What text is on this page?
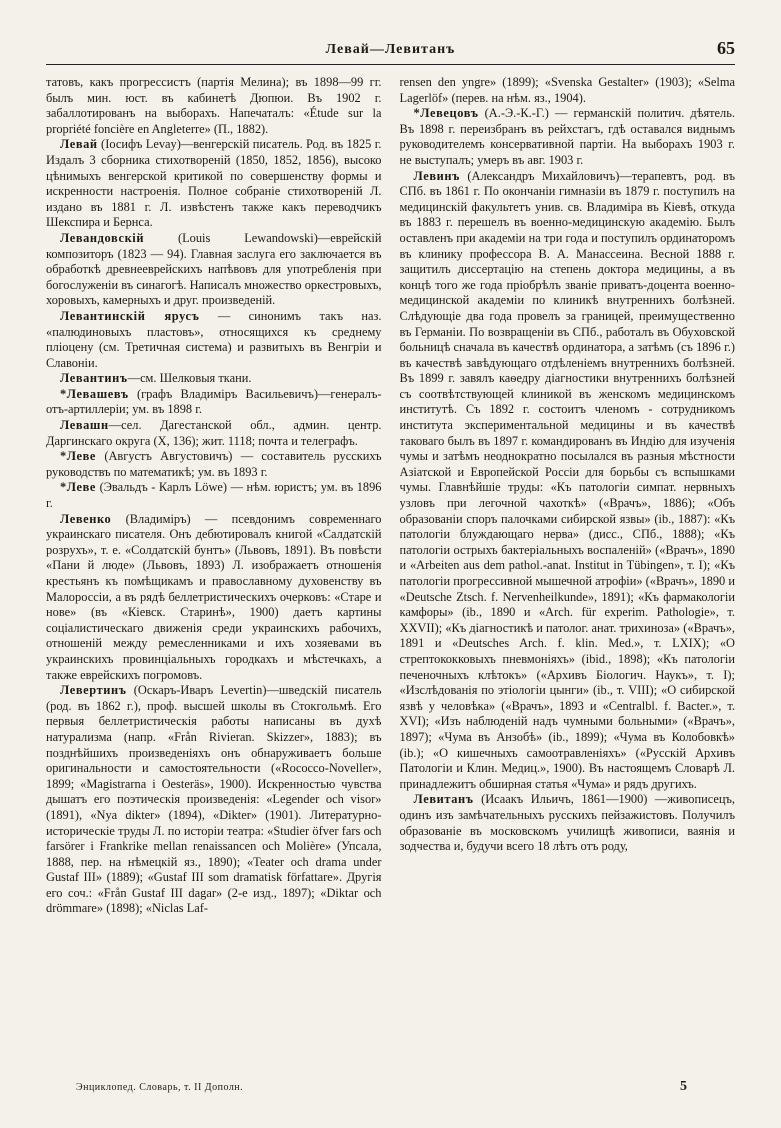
Левай—Левитанъ	65

татовъ, какъ прогрессистъ (партія Мелина); въ 1898—99 гг. былъ мин. юст. въ кабинетѣ Дюпюи. Въ 1902 г. забаллотированъ на выборахъ. Напечаталъ: «Étude sur la propriété foncière en Angleterre» (П., 1882).

Левай (Іосифъ Levay)—венгерскій писатель. Род. въ 1825 г. Издалъ 3 сборника стихотвореній (1850, 1852, 1856), высоко цѣнимыхъ венгерской критикой по совершенству формы и искренности настроенія. Полное собраніе стихотвореній Л. издано въ 1881 г. Л. извѣстенъ также какъ переводчикъ Шекспира и Бернса.

Левандовскій (Louis Lewandowski)—еврейскій композиторъ (1823 — 94). Главная заслуга его заключается въ обработкѣ древнееврейскихъ напѣвовъ для употребленія при богослуженіи въ синагогѣ. Написалъ множество оркестровыхъ, хоровыхъ, камерныхъ и друг. произведеній.

Левантинскій ярусъ — синонимъ такъ наз. «палюдиновыхъ пластовъ», относящихся къ среднему пліоцену (см. Третичная система) и развитыхъ въ Венгріи и Славоніи.

Левантинъ—см. Шелковыя ткани.

*Левашевъ (графъ Владиміръ Васильевичъ)—генералъ-отъ-артиллеріи; ум. въ 1898 г.

Левашн—сел. Дагестанской обл., админ. центр. Даргинскаго округа (X, 136); жит. 1118; почта и телеграфъ.

*Леве (Августъ Августовичъ) — составитель русскихъ руководствъ по математикѣ; ум. въ 1893 г.

*Леве (Эвальдъ - Карлъ Löwe) — нѣм. юристъ; ум. въ 1896 г.

Левенко (Владиміръ) — псевдонимъ современнаго украинскаго писателя. Онъ дебютировалъ книгой «Салдатскій розрухъ», т. е. «Солдатскій бунтъ» (Львовъ, 1891). Въ повѣсти «Пани й люде» (Львовъ, 1893) Л. изображаетъ отношенія крестьянъ къ помѣщикамъ и православному духовенству въ Малороссіи, а въ рядѣ беллетристическихъ очерковъ: «Старе и нове» (въ «Кіевск. Старинѣ», 1900) даетъ картины соціалистическаго движенія среди украинскихъ рабочихъ, отношеній между ремесленниками и ихъ хозяевами въ украинскихъ провинціальныхъ городкахъ и мѣстечкахъ, а также еврейскихъ погромовъ.

Левертинъ (Оскаръ-Иваръ Levertin)—шведскій писатель (род. въ 1862 г.), проф. высшей школы въ Стокгольмѣ. Его первыя беллетристическія работы написаны въ духѣ натурализма (напр. «Från Rivieran. Skizzer», 1883); въ позднѣйшихъ произведеніяхъ онъ обнаруживаетъ больше оригинальности и самостоятельности («Rococco-Noveller», 1899; «Magistrarna i Oesteräs», 1900). Искренностью чувства дышатъ его поэтическія произведенія: «Legender och visor» (1891), «Nya dikter» (1894), «Dikter» (1901). Литературно-историческіе труды Л. по исторіи театра: «Studier öfver fars och farsörer i Frankrike mellan renaissancen och Molière» (Упсала, 1888, пер. на нѣмецкій яз., 1890); «Teater och drama under Gustaf III» (1889); «Gustaf III som dramatisk författare». Другія его соч.: «Från Gustaf III dagar» (2-е изд., 1897); «Diktar och drömmare» (1898); «Niclas Laf-

rensen den yngre» (1899); «Svenska Gestalter» (1903); «Selma Lagerlöf» (перев. на нѣм. яз., 1904).

*Левецовъ (А.-Э.-К.-Г.) — германскій политич. дѣятель. Въ 1898 г. переизбранъ въ рейхстагъ, гдѣ оставался виднымъ руководителемъ консервативной партіи. На выборахъ 1903 г. не выступалъ; умеръ въ авг. 1903 г.

Левинъ (Александръ Михайловичъ)—терапевтъ, род. въ СПб. въ 1861 г. По окончаніи гимназіи въ 1879 г. поступилъ на медицинскій факультетъ унив. св. Владиміра въ Кіевѣ, откуда въ 1883 г. перешелъ въ военно-медицинскую академію. Былъ оставленъ при академіи на три года и поступилъ ординаторомъ въ клинику профессора В. А. Манассеина. Весной 1888 г. защитилъ диссертацію на степень доктора медицины, а въ концѣ того же года пріобрѣлъ званіе приватъ-доцента военно-медицинской академіи по клиникѣ внутреннихъ болѣзней. Слѣдующіе два года провелъ за границей, преимущественно въ Германіи. По возвращеніи въ СПб., работалъ въ Обуховской больницѣ сначала въ качествѣ ординатора, а затѣмъ (съ 1896 г.) въ качествѣ завѣдующаго отдѣленіемъ внутреннихъ болѣзней. Въ 1899 г. завялъ каѳедру діагностики внутреннихъ болѣзней съ соотвѣтствующей клиникой въ женскомъ медицинскомъ институтѣ. Съ 1892 г. состоитъ членомъ - сотрудникомъ института экспериментальной медицины и въ качествѣ таковаго былъ въ 1897 г. командированъ въ Индію для изученія чумы и затѣмъ неоднократно посылался въ разныя мѣстности Азіатской и Европейской Россіи для борьбы съ вспышками чумы. Главнѣйшіе труды: «Къ патологіи симпат. нервныхъ узловъ при легочной чахоткѣ» («Врачъ», 1886); «Объ образованіи споръ палочками сибирской язвы» (ib., 1887): «Къ патологіи блуждающаго нерва» (дисс., СПб., 1888); «Къ патологіи острыхъ бактеріальныхъ воспаленій» («Врачъ», 1890 и «Arbeiten aus dem pathol.-anat. Institut in Tübingen», т. I); «Къ патологіи прогрессивной мышечной атрофіи» («Врачъ», 1890 и «Deutsche Ztsch. f. Nervenheilkunde», 1891); «Къ фармакологіи камфоры» (ib., 1890 и «Arch. für experim. Pathologie», т. XXVII); «Къ діагностикѣ и патолог. анат. трихиноза» («Врачъ», 1891 и «Deutsches Arch. f. klin. Med.», т. LXIX); «О стрептококковыхъ пневмоніяхъ» (ibid., 1898); «Къ патологіи печеночныхъ клѣтокъ» («Архивъ Біологич. Наукъ», т. I); «Изслѣдованія по этіологіи цынги» (ib., т. VIII); «О сибирской язвѣ у человѣка» («Врачъ», 1893 и «Centralbl. f. Bacter.», т. XVI); «Изъ наблюденій надъ чумными больными» («Врачъ», 1897); «Чума въ Анзобѣ» (ib., 1899); «Чума въ Колобовкѣ» (ib.); «О кишечныхъ самоотравленіяхъ» («Русскій Архивъ Патологіи и Клин. Медиц.», 1900). Въ настоящемъ Словарѣ Л. принадлежитъ обширная статья «Чума» и рядъ другихъ.

Левитанъ (Исаакъ Ильичъ, 1861—1900) —живописецъ, одинъ изъ замѣчательныхъ русскихъ пейзажистовъ. Получилъ образованіе въ московскомъ училищѣ живописи, ваянія и зодчества и, будучи всего 18 лѣтъ отъ роду,

Энциклопед. Словарь, т. II Дополн.	5
